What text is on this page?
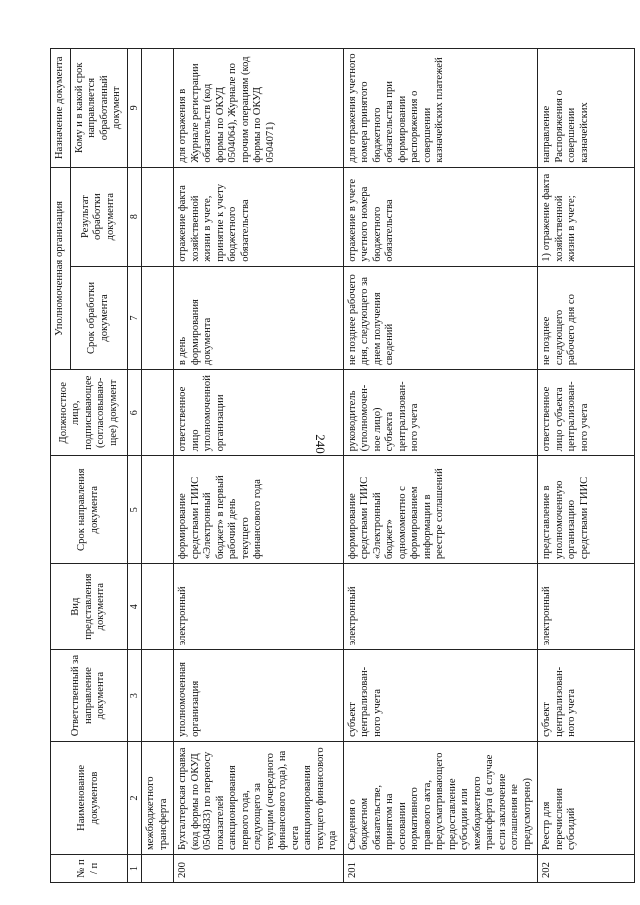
240
№ п / п	Наименование документов	Ответственный за направление документа	Вид представления документа	Срок направления документа	Должностное лицо, подписывающее (согласовываю- щее) документ	Уполномоченная организация		Назначение документа
						Срок обработки документа	Результат обработки документа	Кому и в какой срок направляется обработанный документ
1	2	3	4	5	6	7	8	9
	межбюджетного трансферта							
200	Бухгалтерская справка (код формы по ОКУД 0504833) по переносу показателей санкционирования первого года, следующего за текущим (очередного финансового года), на счета санкционирования текущего финансового года	уполномоченная организация	электронный	формирование средствами ГИИС «Электронный бюджет» в первый рабочий день текущего финансового года	ответственное лицо уполномоченной организации	в день формирования документа	отражение факта хозяйственной жизни в учете, принятие к учету бюджетного обязательства	для отражения в Журнале регистрации обязательств (код формы по ОКУД 0504064), Журнале по прочим операциям (код формы по ОКУД 0504071)
201	Сведения о бюджетном обязательстве, принятом на основании нормативного правового акта, предусматривающего предоставление субсидии или межбюджетного трансферта (в случае если заключение соглашения не предусмотрено)	субъект централизован- ного учета	электронный	формирование средствами ГИИС «Электронный бюджет» одномоментно с формированием информации в реестре соглашений	руководитель (уполномочен- ное лицо) субъекта централизован- ного учета	не позднее рабочего дня, следующего за днем получения сведений	отражение в учете учетного номера бюджетного обязательства	для отражения учетного номера принятого бюджетного обязательства при формировании распоряжения о совершении казначейских платежей
202	Реестр для перечисления субсидий	субъект централизован- ного учета	электронный	представление в уполномоченную организацию средствами ГИИС	ответственное лицо субъекта централизован- ного учета	не позднее следующего рабочего дня со	1) отражение факта хозяйственной жизни в учете;	направление Распоряжения о совершении казначейских
